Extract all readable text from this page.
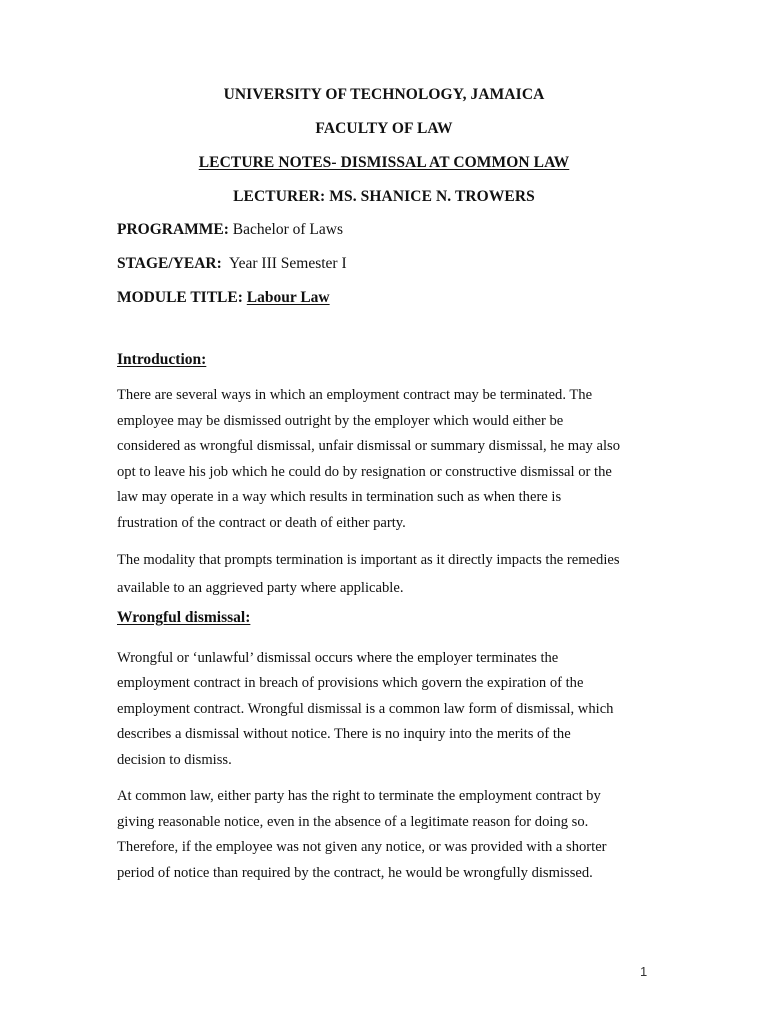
UNIVERSITY OF TECHNOLOGY, JAMAICA
FACULTY OF LAW
LECTURE NOTES- DISMISSAL AT COMMON LAW
LECTURER: MS. SHANICE N. TROWERS
PROGRAMME: Bachelor of Laws
STAGE/YEAR:  Year III Semester I
MODULE TITLE: Labour Law
Introduction:
There are several ways in which an employment contract may be terminated. The
employee may be dismissed outright by the employer which would either be
considered as wrongful dismissal, unfair dismissal or summary dismissal, he may also
opt to leave his job which he could do by resignation or constructive dismissal or the
law may operate in a way which results in termination such as when there is
frustration of the contract or death of either party.
The modality that prompts termination is important as it directly impacts the remedies
available to an aggrieved party where applicable.
Wrongful dismissal:
Wrongful or ‘unlawful’ dismissal occurs where the employer terminates the
employment contract in breach of provisions which govern the expiration of the
employment contract. Wrongful dismissal is a common law form of dismissal, which
describes a dismissal without notice. There is no inquiry into the merits of the
decision to dismiss.
At common law, either party has the right to terminate the employment contract by
giving reasonable notice, even in the absence of a legitimate reason for doing so.
Therefore, if the employee was not given any notice, or was provided with a shorter
period of notice than required by the contract, he would be wrongfully dismissed.
1
